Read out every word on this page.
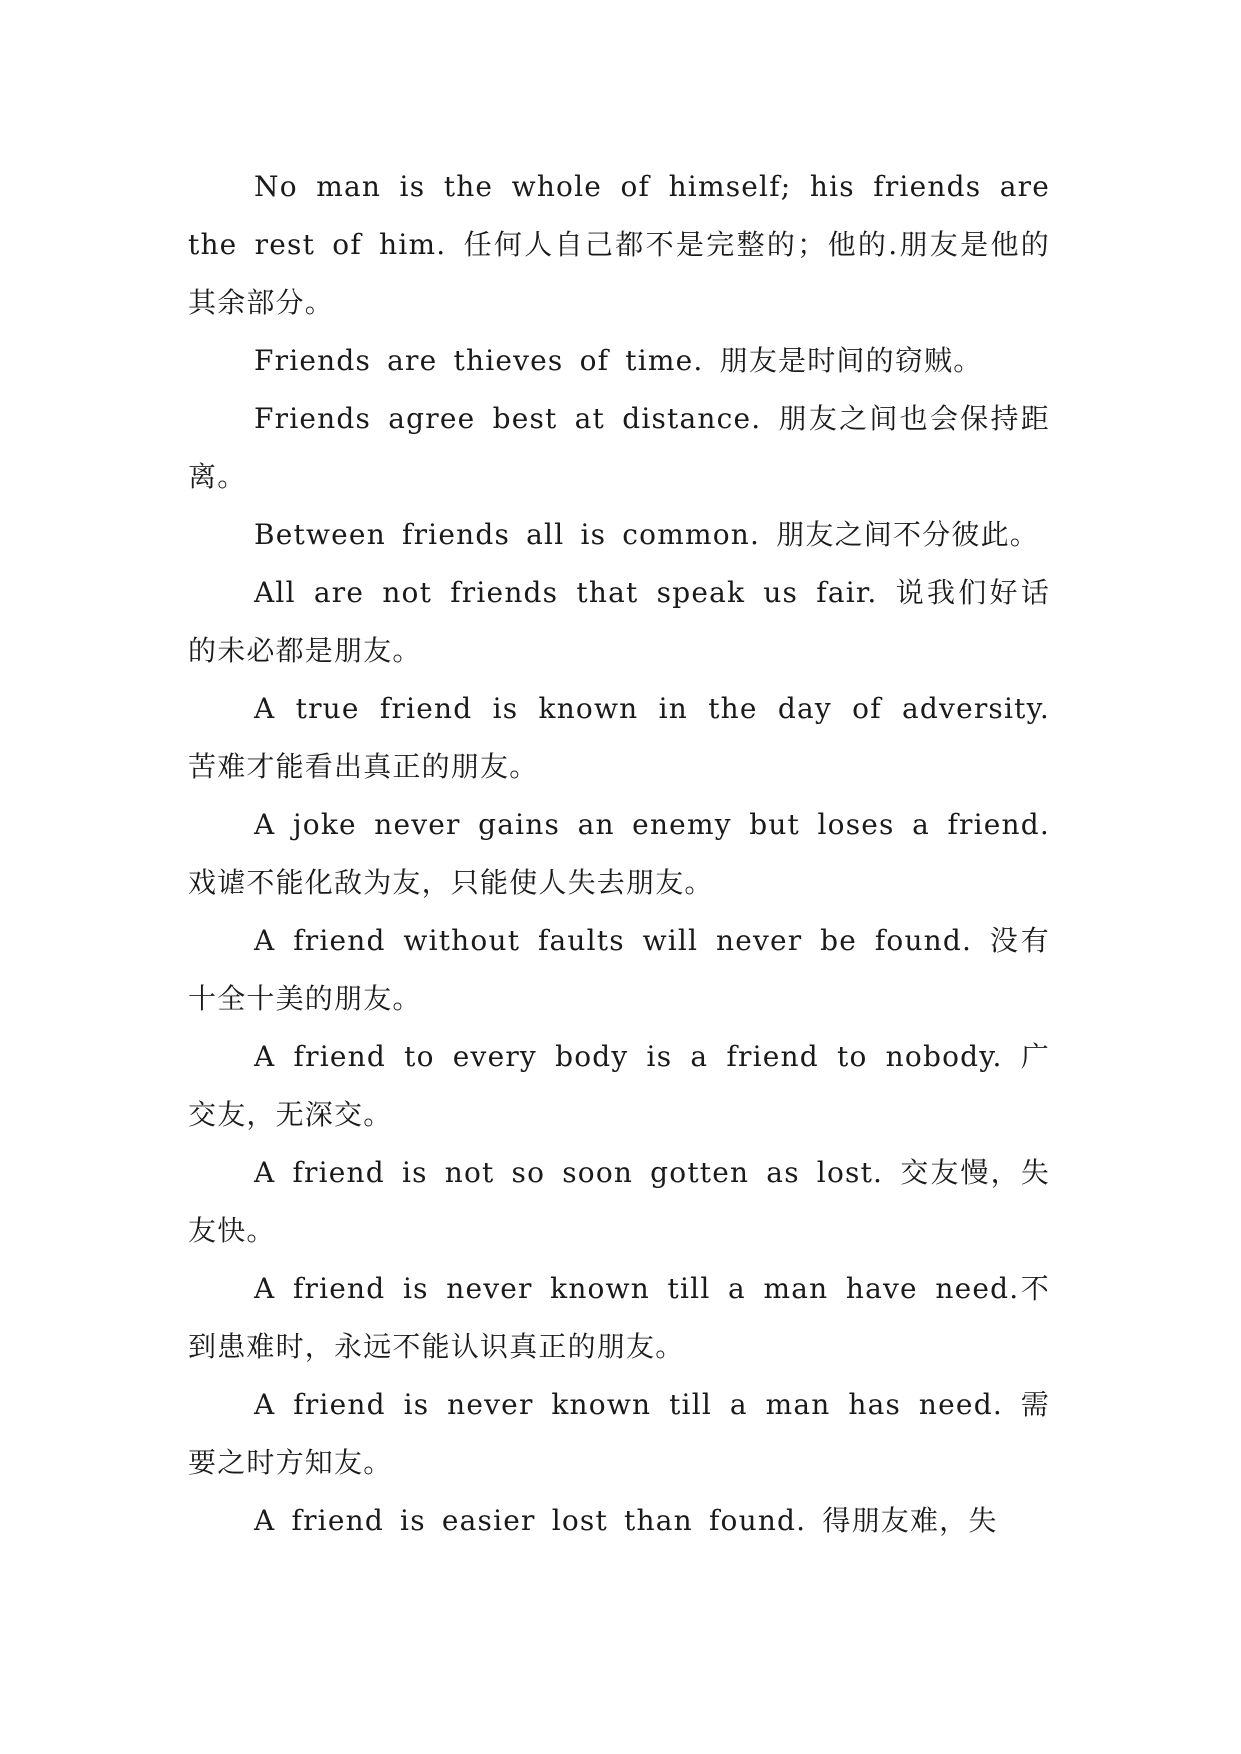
No man is the whole of himself; his friends are the rest of him. 任何人自己都不是完整的；他的.朋友是他的其余部分。

Friends are thieves of time. 朋友是时间的窃贼。

Friends agree best at distance. 朋友之间也会保持距离。

Between friends all is common. 朋友之间不分彼此。

All are not friends that speak us fair. 说我们好话的未必都是朋友。

A true friend is known in the day of adversity. 苦难才能看出真正的朋友。

A joke never gains an enemy but loses a friend. 戏谑不能化敌为友，只能使人失去朋友。

A friend without faults will never be found. 没有十全十美的朋友。

A friend to every body is a friend to nobody. 广交友，无深交。

A friend is not so soon gotten as lost. 交友慢，失友快。

A friend is never known till a man have need.不到患难时，永远不能认识真正的朋友。

A friend is never known till a man has need. 需要之时方知友。

A friend is easier lost than found. 得朋友难，失
